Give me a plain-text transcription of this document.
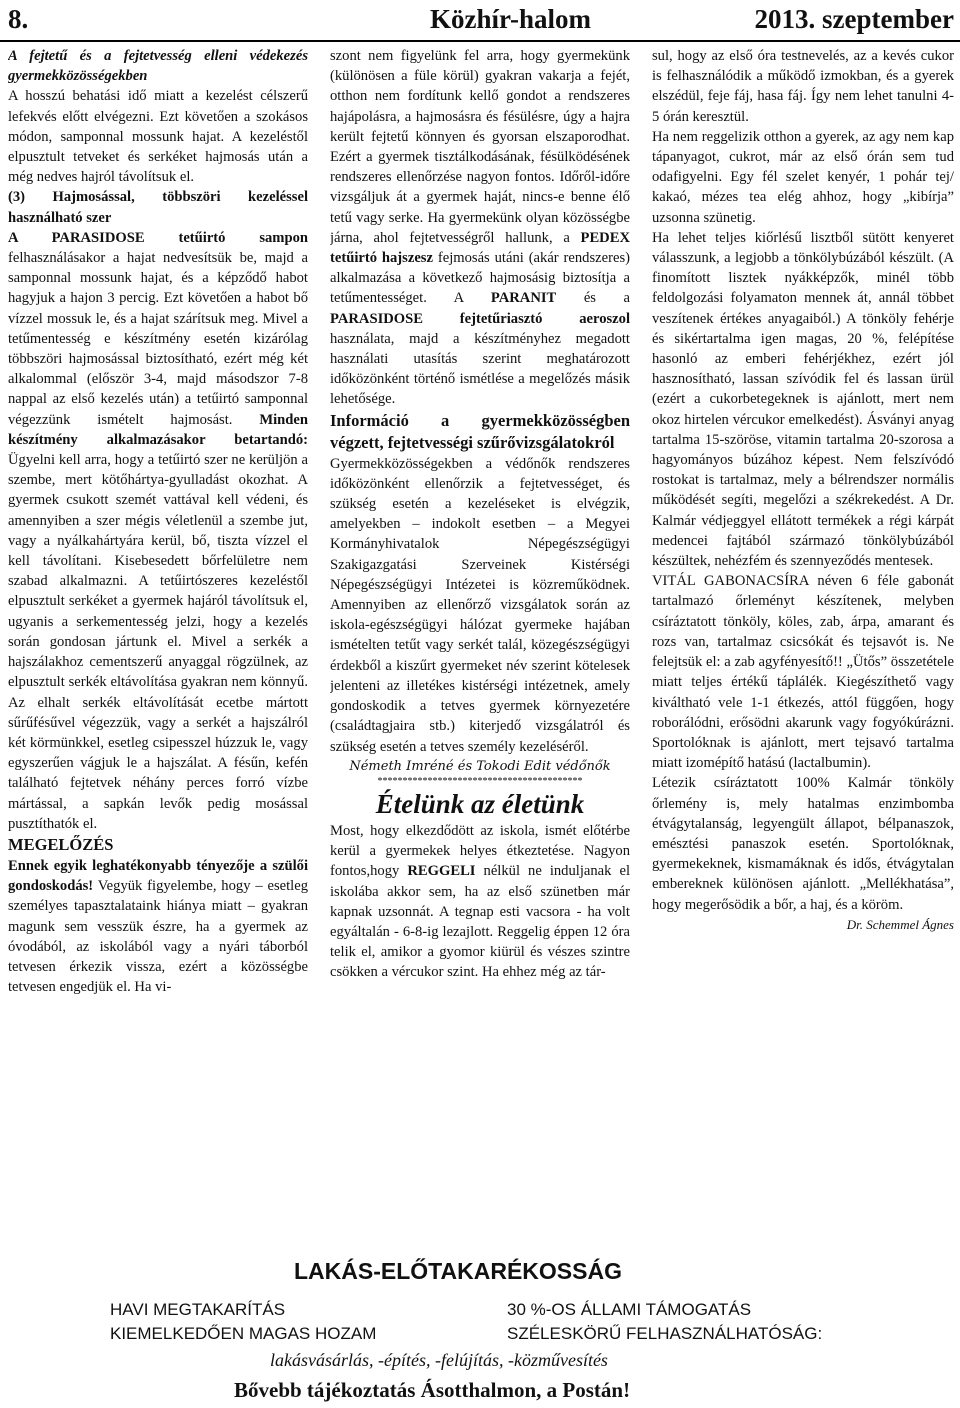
8.	Közhír-halom	2013. szeptember

A fejtetű és a fejtetvesség elleni védekezés gyermekközösségekben

A hosszú behatási idő miatt a kezelést célszerű lefekvés előtt elvégezni. Ezt követően a szokásos módon, samponnal mossunk hajat. A kezeléstől elpusztult tetveket és serkéket hajmosás után a még nedves hajról távolítsuk el.

(3) Hajmosással, többszöri kezeléssel használható szer

A PARASIDOSE tetűirtó sampon felhasználásakor a hajat nedvesítsük be, majd a samponnal mossunk hajat, és a képződő habot hagyjuk a hajon 3 percig. Ezt követően a habot bő vízzel mossuk le, és a hajat szárítsuk meg. Mivel a tetűmentesség e készítmény esetén kizárólag többszöri hajmosással biztosítható, ezért még két alkalommal (először 3-4, majd másodszor 7-8 nappal az első kezelés után) a tetűirtó samponnal végezzünk ismételt hajmosást. Minden készítmény alkalmazásakor betartandó: Ügyelni kell arra, hogy a tetűirtó szer ne kerüljön a szembe, mert kötőhártya-gyulladást okozhat. A gyermek csukott szemét vattával kell védeni, és amennyiben a szer mégis véletlenül a szembe jut, vagy a nyálkahártyára kerül, bő, tiszta vízzel el kell távolítani. Kisebesedett bőrfelületre nem szabad alkalmazni. A tetűirtószeres kezeléstől elpusztult serkéket a gyermek hajáról távolítsuk el, ugyanis a serkementesség jelzi, hogy a kezelés során gondosan jártunk el. Mivel a serkék a hajszálakhoz cementszerű anyaggal rögzülnek, az elpusztult serkék eltávolítása gyakran nem könnyű. Az elhalt serkék eltávolítását ecetbe mártott sűrűfésűvel végezzük, vagy a serkét a hajszálról két körmünkkel, esetleg csipesszel húzzuk le, vagy egyszerűen vágjuk le a hajszálat. A fésűn, kefén található fejtetvek néhány perces forró vízbe mártással, a sapkán levők pedig mosással pusztíthatók el.

MEGELŐZÉS

Ennek egyik leghatékonyabb tényezője a szülői gondoskodás! Vegyük figyelembe, hogy – esetleg személyes tapasztalataink hiánya miatt – gyakran magunk sem vesszük észre, ha a gyermek az óvodából, az iskolából vagy a nyári táborból tetvesen érkezik vissza, ezért a közösségbe tetvesen engedjük el. Ha vi-

szont nem figyelünk fel arra, hogy gyermekünk (különösen a füle körül) gyakran vakarja a fejét, otthon nem fordítunk kellő gondot a rendszeres hajápolásra, a hajmosásra és fésülésre, úgy a hajra került fejtetű könnyen és gyorsan elszaporodhat. Ezért a gyermek tisztálkodásának, fésülködésének rendszeres ellenőrzése nagyon fontos. Időről-időre vizsgáljuk át a gyermek haját, nincs-e benne élő tetű vagy serke. Ha gyermekünk olyan közösségbe járna, ahol fejtetvességről hallunk, a PEDEX tetűirtó hajszesz fejmosás utáni (akár rendszeres) alkalmazása a következő hajmosásig biztosítja a tetűmentességet. A PARANIT és a PARASIDOSE fejtetűriasztó aeroszol használata, majd a készítményhez megadott használati utasítás szerint meghatározott időközönként történő ismétlése a megelőzés másik lehetősége.

Információ a gyermekközösségben végzett, fejtetvességi szűrővizsgálatokról

Gyermekközösségekben a védőnők rendszeres időközönként ellenőrzik a fejtetvességet, és szükség esetén a kezeléseket is elvégzik, amelyekben – indokolt esetben – a Megyei Kormányhivatalok Népegészségügyi Szakigazgatási Szerveinek Kistérségi Népegészségügyi Intézetei is közreműködnek. Amennyiben az ellenőrző vizsgálatok során az iskola-egészségügyi hálózat gyermeke hajában ismételten tetűt vagy serkét talál, közegészségügyi érdekből a kiszűrt gyermeket név szerint kötelesek jelenteni az illetékes kistérségi intézetnek, amely gondoskodik a tetves gyermek környezetére (családtagjaira stb.) kiterjedő vizsgálatról és szükség esetén a tetves személy kezeléséről.

Németh Imréné és Tokodi Edit védőnők

*****************************************

Ételünk az életünk

Most, hogy elkezdődött az iskola, ismét előtérbe kerül a gyermekek helyes étkeztetése. Nagyon fontos,hogy REGGELI nélkül ne induljanak el iskolába akkor sem, ha az első szünetben már kapnak uzsonnát. A tegnap esti vacsora - ha volt egyáltalán - 6-8-ig lezajlott. Reggelig éppen 12 óra telik el, amikor a gyomor kiürül és vészes szintre csökken a vércukor szint. Ha ehhez még az tár-

sul, hogy az első óra testnevelés, az a kevés cukor is felhasználódik a működő izmokban, és a gyerek elszédül, feje fáj, hasa fáj. Így nem lehet tanulni 4-5 órán keresztül.

Ha nem reggelizik otthon a gyerek, az agy nem kap tápanyagot, cukrot, már az első órán sem tud odafigyelni. Egy fél szelet kenyér, 1 pohár tej/ kakaó, mézes tea elég ahhoz, hogy „kibírja” uzsonna szünetig.

Ha lehet teljes kiőrlésű lisztből sütött kenyeret válasszunk, a legjobb a tönkölybúzából készült. (A finomított lisztek nyákképzők, minél több feldolgozási folyamaton mennek át, annál többet veszítenek értékes anyagaiból.) A tönköly fehérje és sikértartalma igen magas, 20 %, felépítése hasonló az emberi fehérjékhez, ezért jól hasznosítható, lassan szívódik fel és lassan ürül (ezért a cukorbetegeknek is ajánlott, mert nem okoz hirtelen vércukor emelkedést). Ásványi anyag tartalma 15-szöröse, vitamin tartalma 20-szorosa a hagyományos búzához képest. Nem felszívódó rostokat is tartalmaz, mely a bélrendszer normális működését segíti, megelőzi a székrekedést. A Dr. Kalmár védjeggyel ellátott termékek a régi kárpát medencei fajtából származó tönkölybúzából készültek, nehézfém és szennyeződés mentesek.

VITÁL GABONACSÍRA néven 6 féle gabonát tartalmazó őrleményt készítenek, melyben csíráztatott tönköly, köles, zab, árpa, amarant és rozs van, tartalmaz csicsókát és tejsavót is. Ne felejtsük el: a zab agyfényesítő!! „Ütős” összetétele miatt teljes értékű táplálék. Kiegészíthető vagy kiváltható vele 1-1 étkezés, attól függően, hogy roborálódni, erősödni akarunk vagy fogyókúrázni. Sportolóknak is ajánlott, mert tejsavó tartalma miatt izomépítő hatású (lactalbumin).

Létezik csíráztatott 100% Kalmár tönköly őrlemény is, mely hatalmas enzimbomba étvágytalanság, legyengült állapot, bélpanaszok, emésztési panaszok esetén. Sportolóknak, gyermekeknek, kismamáknak és idős, étvágytalan embereknek különösen ajánlott. „Mellékhatása”, hogy megerősödik a bőr, a haj, és a köröm.

Dr. Schemmel Ágnes

LAKÁS-ELŐTAKARÉKOSSÁG
HAVI MEGTAKARÍTÁS	30 %-OS ÁLLAMI TÁMOGATÁS
KIEMELKEDŐEN MAGAS HOZAM	SZÉLESKÖRŰ FELHASZNÁLHATÓSÁG:
lakásvásárlás, -építés, -felújítás, -közművesítés
Bővebb tájékoztatás Ásotthalmon, a Postán!
